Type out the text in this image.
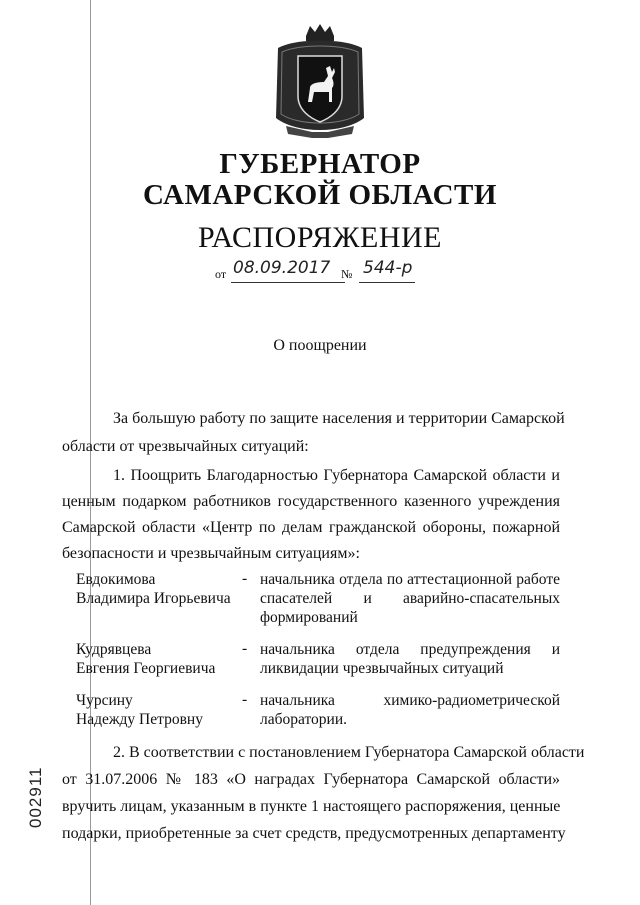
ГУБЕРНАТОР
САМАРСКОЙ ОБЛАСТИ
РАСПОРЯЖЕНИЕ
от 08.09.2017 № 544-р
О поощрении
За большую работу по защите населения и территории Самарской
области от чрезвычайных ситуаций:
1. Поощрить Благодарностью Губернатора Самарской области и
ценным подарком работников государственного казенного учреждения
Самарской области «Центр по делам гражданской обороны, пожарной
безопасности и чрезвычайным ситуациям»:
Евдокимова
Владимира Игорьевича
- начальника отдела по аттестационной работе спасателей и аварийно-спасательных формирований
Кудрявцева
Евгения Георгиевича
- начальника отдела предупреждения и ликвидации чрезвычайных ситуаций
Чурсину
Надежду Петровну
- начальника химико-радиометрической лаборатории.
2. В соответствии с постановлением Губернатора Самарской области
от 31.07.2006 № 183 «О наградах Губернатора Самарской области»
вручить лицам, указанным в пункте 1 настоящего распоряжения, ценные
подарки, приобретенные за счет средств, предусмотренных департаменту
002911
